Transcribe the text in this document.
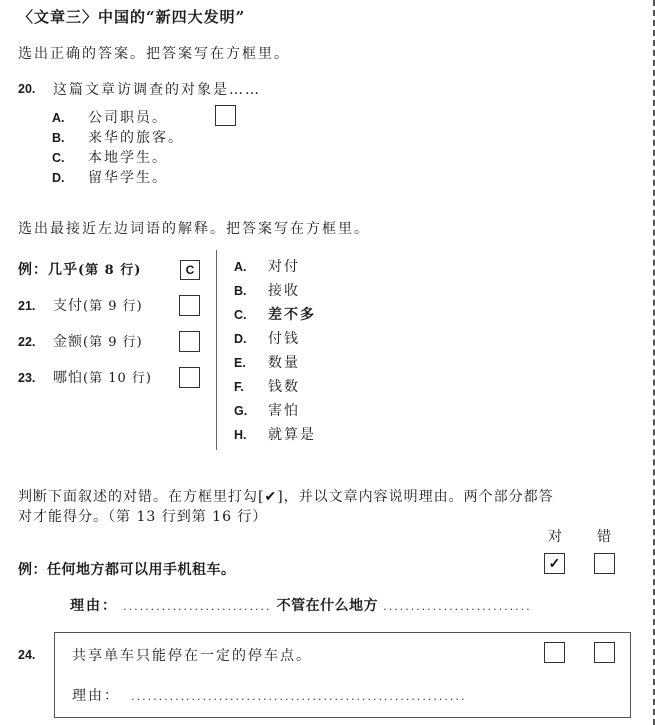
〈文章三〉中国的“新四大发明”
选出正确的答案。把答案写在方框里。
20. 这篇文章访调查的对象是……
A. 公司职员。
B. 来华的旅客。
C. 本地学生。
D. 留华学生。
选出最接近左边词语的解释。把答案写在方框里。
例：几乎(第 8 行)	C
21. 支付(第 9 行)
22. 金额(第 9 行)
23. 哪怕(第 10 行)
A. 对付
B. 接收
C. 差不多
D. 付钱
E. 数量
F. 钱数
G. 害怕
H. 就算是
判断下面叙述的对错。在方框里打勾[✔]，并以文章内容说明理由。两个部分都答
对才能得分。（第 13 行到第 16 行）
对 错
例：任何地方都可以用手机租车。	✓
理由： ........................... 不管在什么地方 ...........................
24.	共享单车只能停在一定的停车点。
理由： .............................................................
